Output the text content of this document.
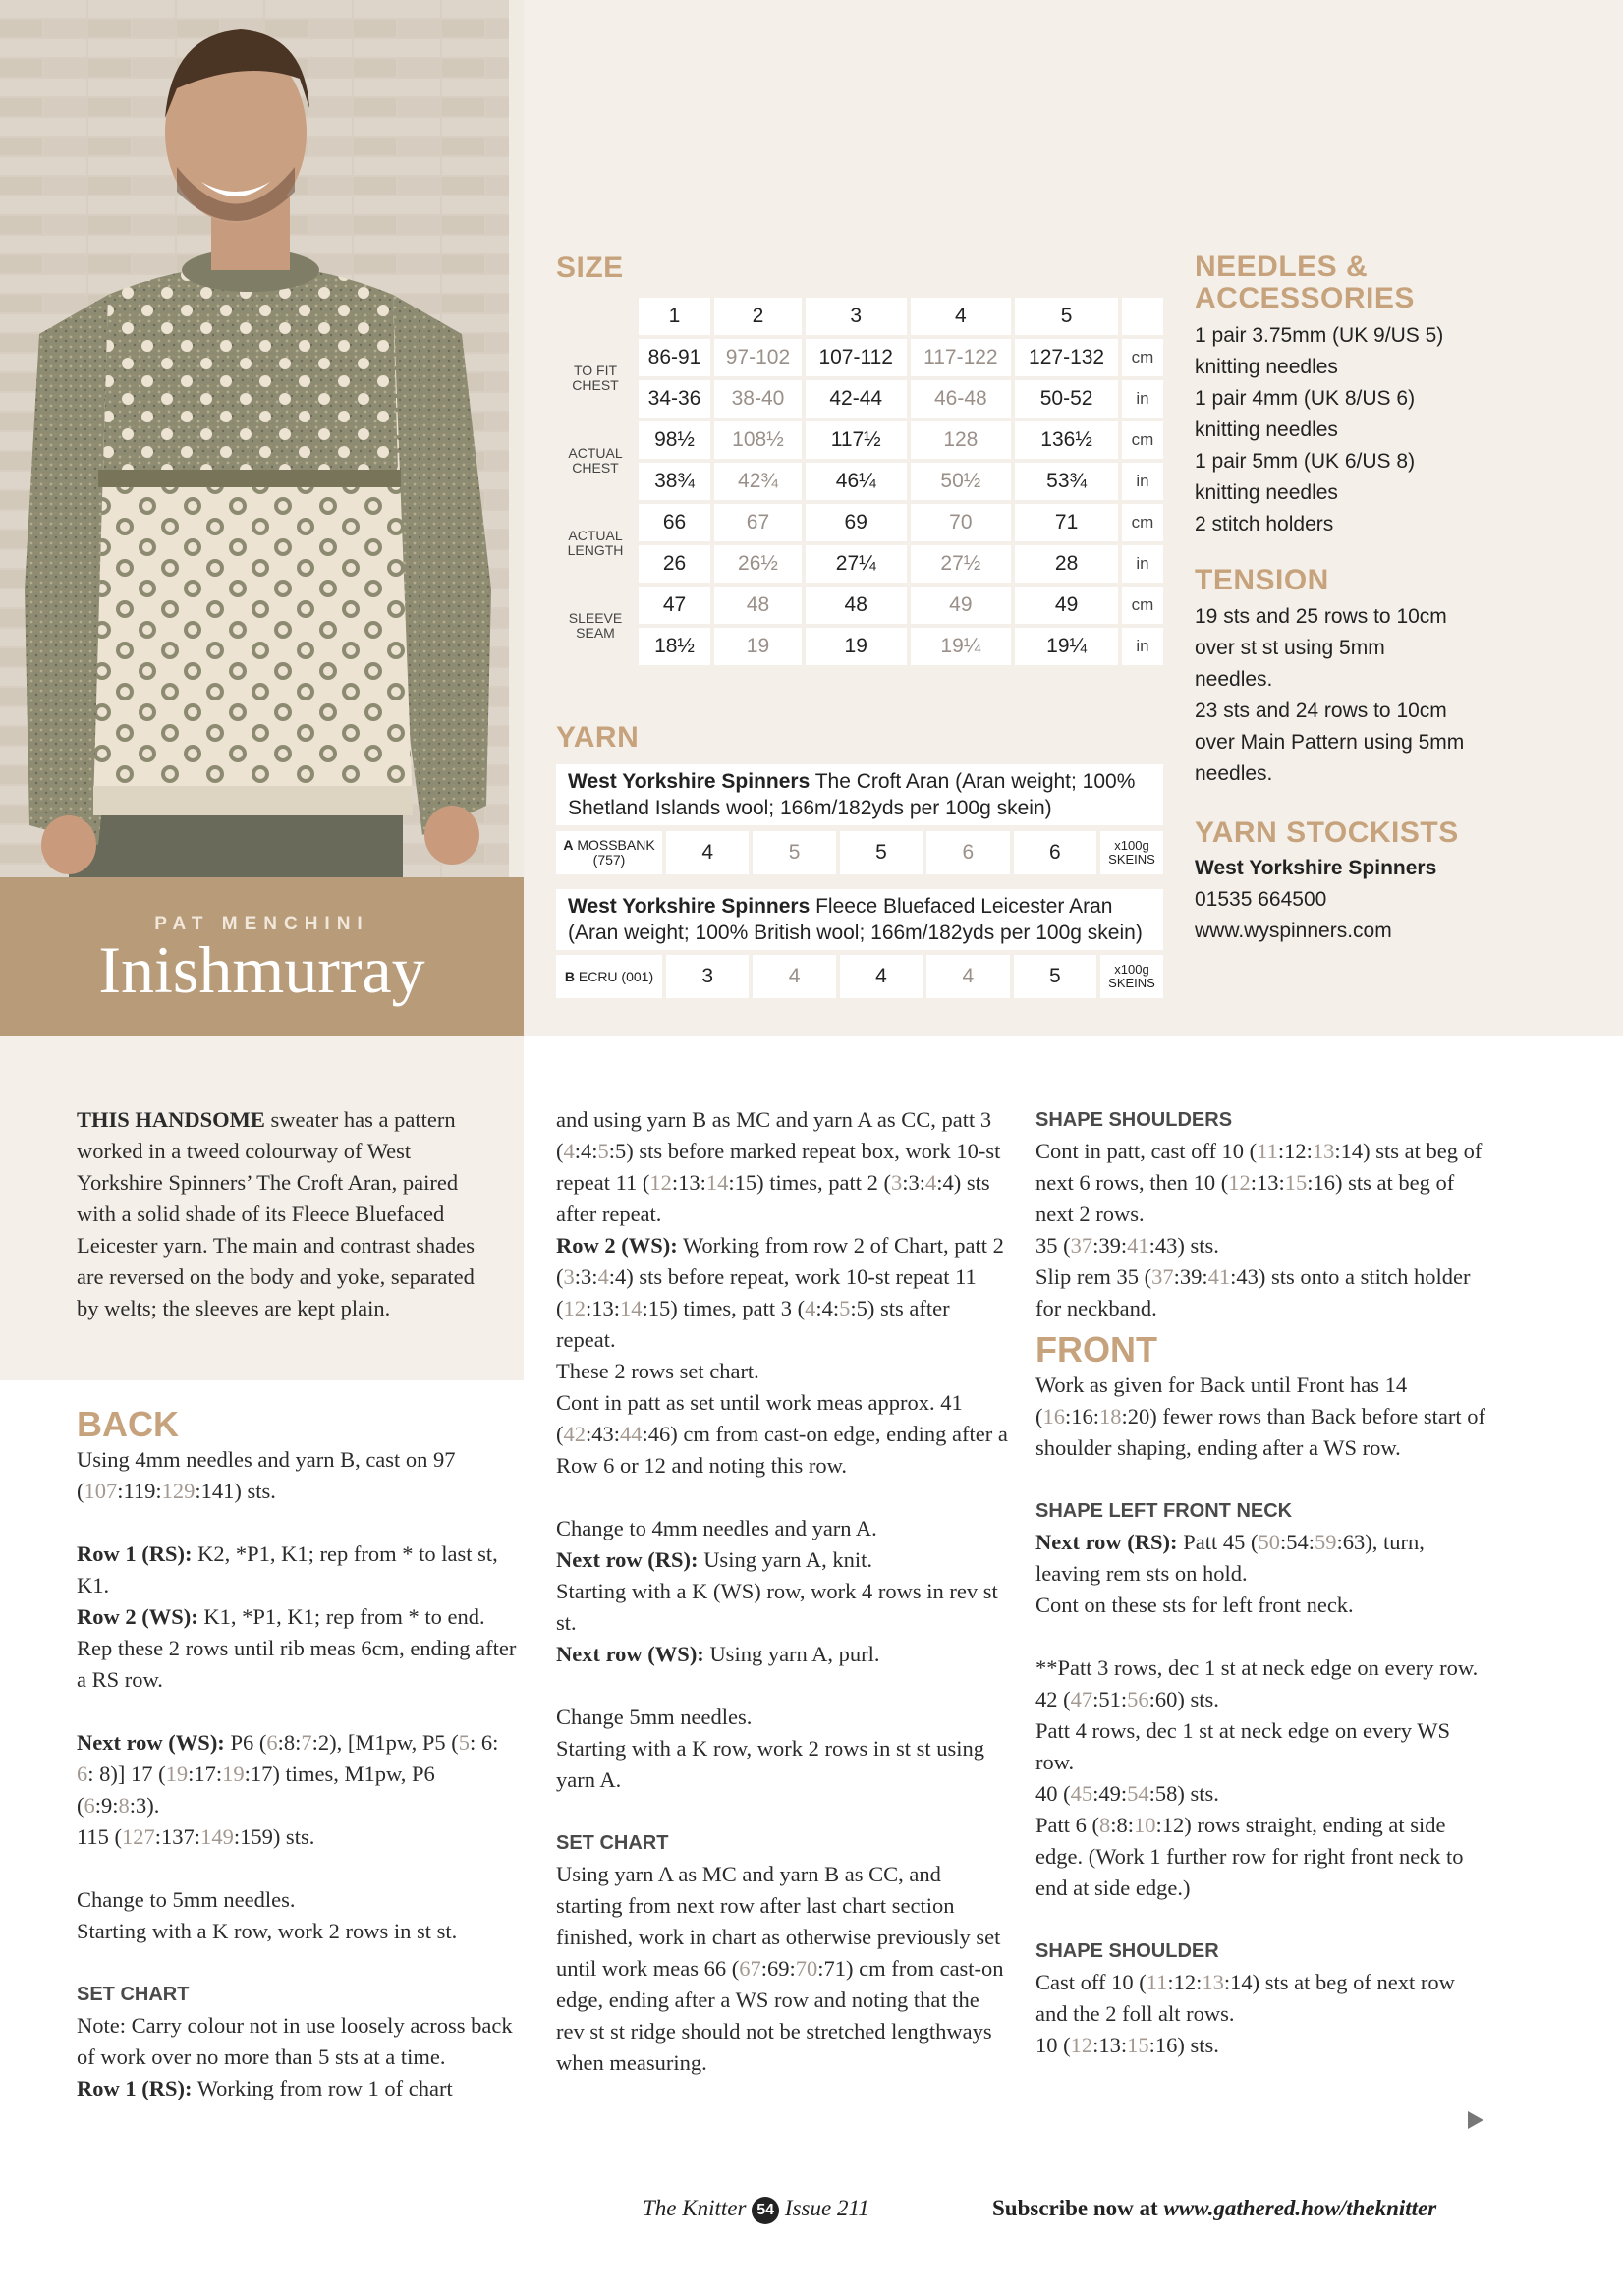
PAT MENCHINI
Inishmurray
SIZE
	1	2	3	4	5	
TO FIT CHEST	86-91	97-102	107-112	117-122	127-132	cm
	34-36	38-40	42-44	46-48	50-52	in
ACTUAL CHEST	98½	108½	117½	128	136½	cm
	38¾	42¾	46¼	50½	53¾	in
ACTUAL LENGTH	66	67	69	70	71	cm
	26	26½	27¼	27½	28	in
SLEEVE SEAM	47	48	48	49	49	cm
	18½	19	19	19¼	19¼	in
YARN
West Yorkshire Spinners The Croft Aran (Aran weight; 100% Shetland Islands wool; 166m/182yds per 100g skein)
A MOSSBANK (757)	4	5	5	6	6	x100g SKEINS
West Yorkshire Spinners Fleece Bluefaced Leicester Aran (Aran weight; 100% British wool; 166m/182yds per 100g skein)
B ECRU (001)	3	4	4	4	5	x100g SKEINS
NEEDLES & ACCESSORIES
1 pair 3.75mm (UK 9/US 5)
knitting needles
1 pair 4mm (UK 8/US 6)
knitting needles
1 pair 5mm (UK 6/US 8)
knitting needles
2 stitch holders
TENSION
19 sts and 25 rows to 10cm
over st st using 5mm
needles.
23 sts and 24 rows to 10cm
over Main Pattern using 5mm
needles.
YARN STOCKISTS
West Yorkshire Spinners
01535 664500
www.wyspinners.com
THIS HANDSOME sweater has a pattern worked in a tweed colourway of West Yorkshire Spinners’ The Croft Aran, paired with a solid shade of its Fleece Bluefaced Leicester yarn. The main and contrast shades are reversed on the body and yoke, separated by welts; the sleeves are kept plain.

BACK

Using 4mm needles and yarn B, cast on 97 (107:119:129:141) sts.

Row 1 (RS): K2, *P1, K1; rep from * to last st, K1.

Row 2 (WS): K1, *P1, K1; rep from * to end. Rep these 2 rows until rib meas 6cm, ending after a RS row.

Next row (WS): P6 (6:8:7:2), [M1pw, P5 (5: 6: 6: 8)] 17 (19:17:19:17) times, M1pw, P6 (6:9:8:3).

115 (127:137:149:159) sts.

Change to 5mm needles.

Starting with a K row, work 2 rows in st st.

SET CHART

Note: Carry colour not in use loosely across back of work over no more than 5 sts at a time.

Row 1 (RS): Working from row 1 of chart

and using yarn B as MC and yarn A as CC, patt 3 (4:4:5:5) sts before marked repeat box, work 10-st repeat 11 (12:13:14:15) times, patt 2 (3:3:4:4) sts after repeat.

Row 2 (WS): Working from row 2 of Chart, patt 2 (3:3:4:4) sts before repeat, work 10-st repeat 11 (12:13:14:15) times, patt 3 (4:4:5:5) sts after repeat.

These 2 rows set chart.

Cont in patt as set until work meas approx. 41 (42:43:44:46) cm from cast-on edge, ending after a Row 6 or 12 and noting this row.

Change to 4mm needles and yarn A.

Next row (RS): Using yarn A, knit.

Starting with a K (WS) row, work 4 rows in rev st st.

Next row (WS): Using yarn A, purl.

Change 5mm needles.

Starting with a K row, work 2 rows in st st using yarn A.

SET CHART

Using yarn A as MC and yarn B as CC, and starting from next row after last chart section finished, work in chart as otherwise previously set until work meas 66 (67:69:70:71) cm from cast-on edge, ending after a WS row and noting that the rev st st ridge should not be stretched lengthways when measuring.

SHAPE SHOULDERS

Cont in patt, cast off 10 (11:12:13:14) sts at beg of next 6 rows, then 10 (12:13:15:16) sts at beg of next 2 rows.

35 (37:39:41:43) sts.

Slip rem 35 (37:39:41:43) sts onto a stitch holder for neckband.

FRONT

Work as given for Back until Front has 14 (16:16:18:20) fewer rows than Back before start of shoulder shaping, ending after a WS row.

SHAPE LEFT FRONT NECK

Next row (RS): Patt 45 (50:54:59:63), turn, leaving rem sts on hold.

Cont on these sts for left front neck.

**Patt 3 rows, dec 1 st at neck edge on every row.

42 (47:51:56:60) sts.

Patt 4 rows, dec 1 st at neck edge on every WS row.

40 (45:49:54:58) sts.

Patt 6 (8:8:10:12) rows straight, ending at side edge. (Work 1 further row for right front neck to end at side edge.)

SHAPE SHOULDER

Cast off 10 (11:12:13:14) sts at beg of next row and the 2 foll alt rows.

10 (12:13:15:16) sts.

The Knitter 54 Issue 211	Subscribe now at www.gathered.how/theknitter
